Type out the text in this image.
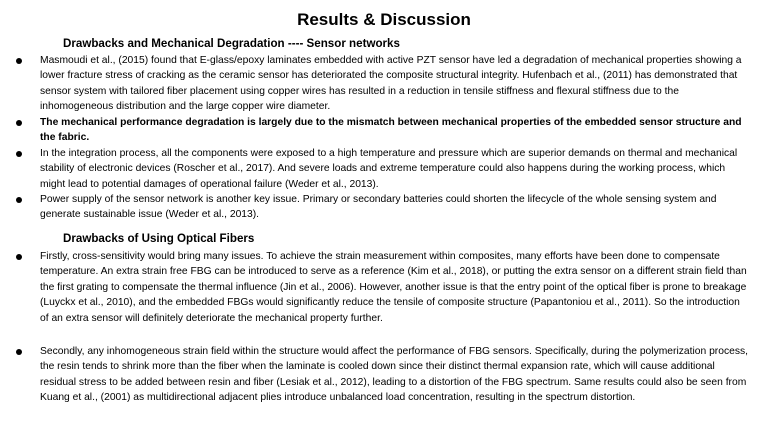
Results & Discussion
Drawbacks and Mechanical Degradation ---- Sensor networks
Masmoudi et al., (2015) found that E-glass/epoxy laminates embedded with active PZT sensor have led a degradation of mechanical properties showing a lower fracture stress of cracking as the ceramic sensor has deteriorated the composite structural integrity. Hufenbach et al., (2011) has demonstrated that sensor system with tailored fiber placement using copper wires has resulted in a reduction in tensile stiffness and flexural stiffness due to the inhomogeneous distribution and the large copper wire diameter.
The mechanical performance degradation is largely due to the mismatch between mechanical properties of the embedded sensor structure and the fabric.
In the integration process, all the components were exposed to a high temperature and pressure which are superior demands on thermal and mechanical stability of electronic devices (Roscher et al., 2017). And severe loads and extreme temperature could also happens during the working process, which might lead to potential damages of operational failure (Weder et al., 2013).
Power supply of the sensor network is another key issue. Primary or secondary batteries could shorten the lifecycle of the whole sensing system and generate sustainable issue (Weder et al., 2013).
Drawbacks of Using Optical Fibers
Firstly, cross-sensitivity would bring many issues. To achieve the strain measurement within composites, many efforts have been done to compensate temperature. An extra strain free FBG can be introduced to serve as a reference (Kim et al., 2018), or putting the extra sensor on a different strain field than the first grating to compensate the thermal influence (Jin et al., 2006). However, another issue is that the entry point of the optical fiber is prone to breakage (Luyckx et al., 2010), and the embedded FBGs would significantly reduce the tensile of composite structure (Papantoniou et al., 2011). So the introduction of an extra sensor will definitely deteriorate the mechanical property further.
Secondly, any inhomogeneous strain field within the structure would affect the performance of FBG sensors. Specifically, during the polymerization process, the resin tends to shrink more than the fiber when the laminate is cooled down since their distinct thermal expansion rate, which will cause additional residual stress to be added between resin and fiber (Lesiak et al., 2012), leading to a distortion of the FBG spectrum. Same results could also be seen from Kuang et al., (2001) as multidirectional adjacent plies introduce unbalanced load concentration, resulting in the spectrum distortion.
